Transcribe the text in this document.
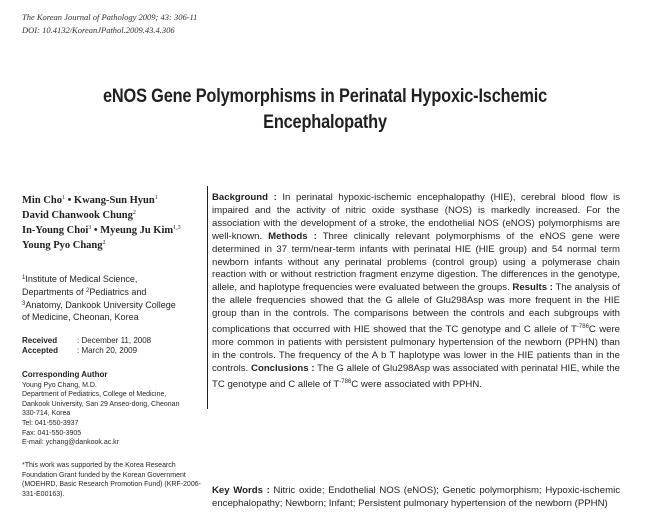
The Korean Journal of Pathology 2009; 43: 306-11
DOI: 10.4132/KoreanJPathol.2009.43.4.306
eNOS Gene Polymorphisms in Perinatal Hypoxic-Ischemic
Encephalopathy
Min Cho$^1$ • Kwang-Sun Hyun$^1$
David Chanwook Chung$^2$
In-Young Choi$^3$ • Myeung Ju Kim$^{1,3}$
Young Pyo Chang$^2$
$^1$Institute of Medical Science,
Departments of $^2$Pediatrics and
$^3$Anatomy, Dankook University College
of Medicine, Cheonan, Korea
Received : December 11, 2008
Accepted : March 20, 2009
Corresponding Author
Young Pyo Chang, M.D.
Department of Pediatrics, College of Medicine,
Dankook University, San 29 Anseo-dong, Cheonan
330-714, Korea
Tel: 041-550-3937
Fax: 041-550-3905
E-mail: ychang@dankook.ac.kr
*This work was supported by the Korea Research Foundation Grant funded by the Korean Government (MOEHRD, Basic Research Promotion Fund) (KRF-2006-331-E00163).
Background : In perinatal hypoxic-ischemic encephalopathy (HIE), cerebral blood flow is impaired and the activity of nitric oxide systhase (NOS) is markedly increased. For the association with the development of a stroke, the endothelial NOS (eNOS) polymorphisms are well-known. Methods : Three clinically relevant polymorphisms of the eNOS gene were determined in 37 term/near-term infants with perinatal HIE (HIE group) and 54 normal term newborn infants without any perinatal problems (control group) using a polymerase chain reaction with or without restriction fragment enzyme digestion. The differences in the genotype, allele, and haplotype frequencies were evaluated between the groups. Results : The analysis of the allele frequencies showed that the G allele of Glu298Asp was more frequent in the HIE group than in the controls. The comparisons between the controls and each subgroups with complications that occurred with HIE showed that the TC genotype and C allele of $T^{-786}C$ were more common in patients with persistent pulmonary hypertension of the newborn (PPHN) than in the controls. The frequency of the A b T haplotype was lower in the HIE patients than in the controls. Conclusions : The G allele of Glu298Asp was associated with perinatal HIE, while the TC genotype and C allele of $T^{-786}C$ were associated with PPHN.
Key Words : Nitric oxide; Endothelial NOS (eNOS); Genetic polymorphism; Hypoxic-ischemic encephalopathy; Newborn; Infant; Persistent pulmonary hypertension of the newborn (PPHN)
